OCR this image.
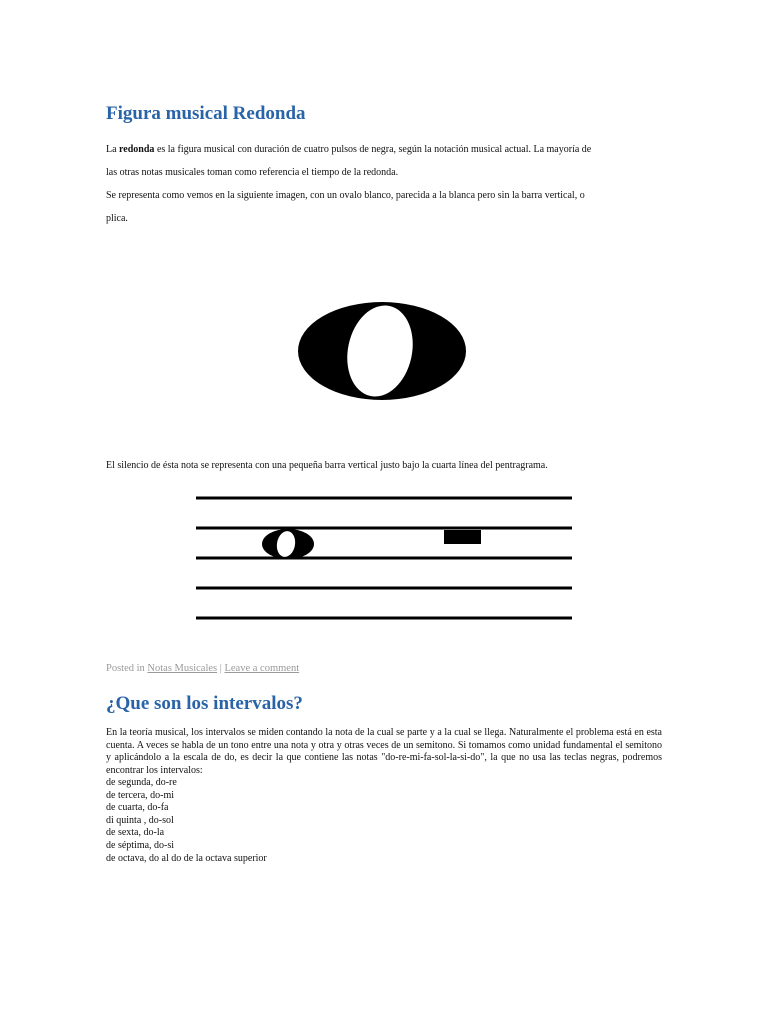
Figura musical Redonda

La redonda es la figura musical con duración de cuatro pulsos de negra, según la notación musical actual. La mayoría de

las otras notas musicales toman como referencia el tiempo de la redonda.

Se representa como vemos en la siguiente imagen, con un ovalo blanco, parecida a la blanca pero sin la barra vertical, o

plica.

El silencio de ésta nota se representa con una pequeña barra vertical justo bajo la cuarta línea del pentragrama.

Posted in Notas Musicales | Leave a comment
¿Que son los intervalos?

En la teoría musical, los intervalos se miden contando la nota de la cual se parte y a la cual se llega. Naturalmente el problema está en esta cuenta. A veces se habla de un tono entre una nota y otra y otras veces de un semitono. Si tomamos como unidad fundamental el semitono y aplicándolo a la escala de do, es decir la que contiene las notas "do-re-mi-fa-sol-la-si-do", la que no usa las teclas negras, podremos encontrar los intervalos:

de segunda, do-re
de tercera, do-mi
de cuarta, do-fa
di quinta , do-sol
de sexta, do-la
de séptima, do-si
de octava, do al do de la octava superior
